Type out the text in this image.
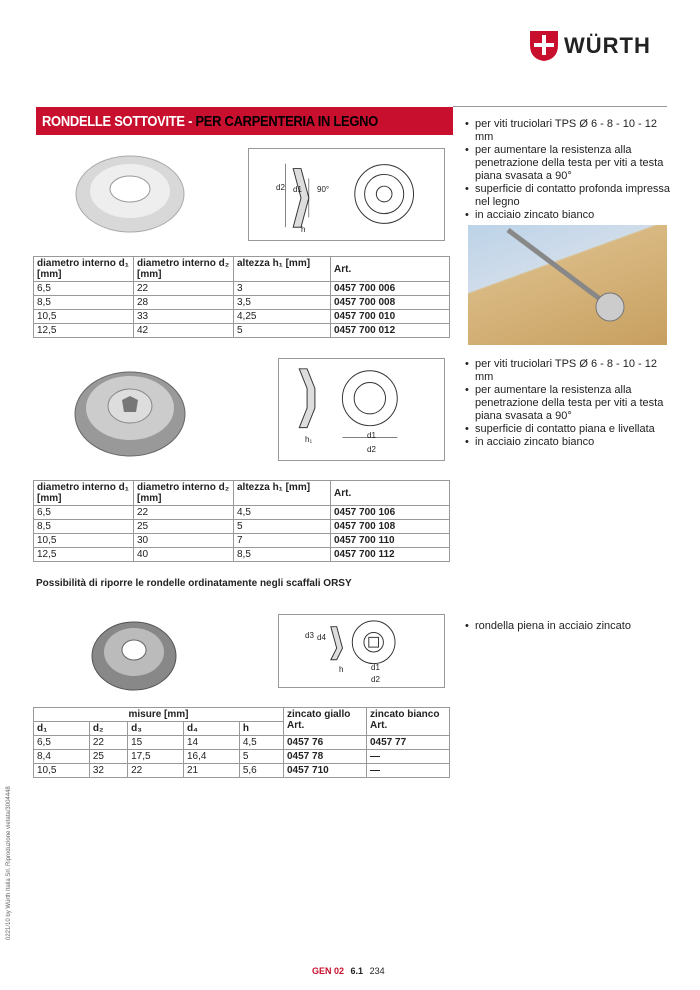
WÜRTH
RONDELLE SOTTOVITE - PER CARPENTERIA IN LEGNO
d2 d1 90°
h
• per viti truciolari TPS Ø 6 - 8 - 10 - 12 mm
• per aumentare la resistenza alla penetrazione della testa per viti a testa piana svasata a 90°
• superficie di contatto profonda impressa nel legno
• in acciaio zincato bianco
diametro interno d₁ [mm]	diametro interno d₂ [mm]	altezza h₁ [mm]	Art.
6,5	22	3	0457 700 006
8,5	28	3,5	0457 700 008
10,5	33	4,25	0457 700 010
12,5	42	5	0457 700 012
h₁	d1
d2
• per viti truciolari TPS Ø 6 - 8 - 10 - 12 mm
• per aumentare la resistenza alla penetrazione della testa per viti a testa piana svasata a 90°
• superficie di contatto piana e livellata
• in acciaio zincato bianco
diametro interno d₁ [mm]	diametro interno d₂ [mm]	altezza h₁ [mm]	Art.
6,5	22	4,5	0457 700 106
8,5	25	5	0457 700 108
10,5	30	7	0457 700 110
12,5	40	8,5	0457 700 112
Possibilità di riporre le rondelle ordinatamente negli scaffali ORSY
d3 d4
h	d1
d2
• rondella piena in acciaio zincato
misure [mm]					zincato giallo Art.	zincato bianco Art.
d₁	d₂	d₃	d₄	h		
6,5	22	15	14	4,5	0457 76	0457 77
8,4	25	17,5	16,4	5	0457 78	—
10,5	32	22	21	5,6	0457 710	—
0221/10 by Würth Italia Srl. Riproduzione vietata/3004448
GEN 02 6.1 234
